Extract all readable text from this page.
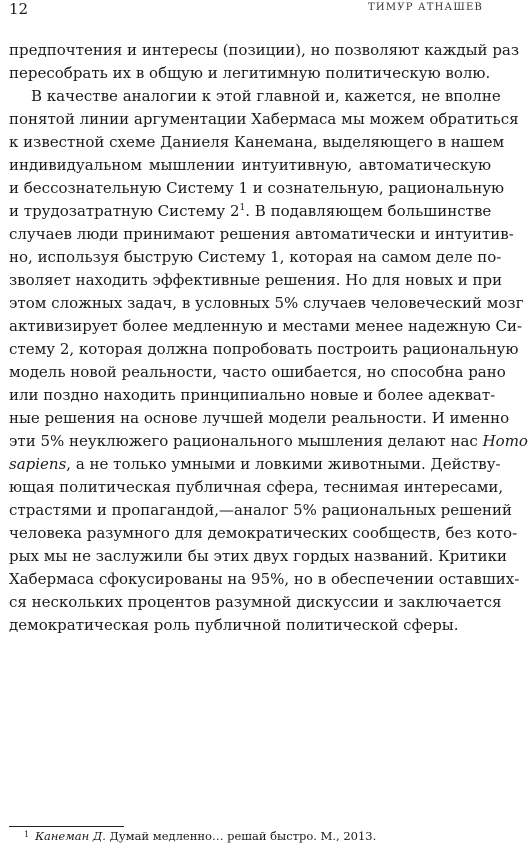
12	ТИМУР АТНАШЕВ
предпочтения и интересы (позиции), но позволяют каждый раз
пересобрать их в общую и легитимную политическую волю.
В качестве аналогии к этой главной и, кажется, не вполне
понятой линии аргументации Хабермаса мы можем обратиться
к известной схеме Даниеля Канемана, выделяющего в нашем
индивидуальном мышлении интуитивную, автоматическую
и бессознательную Систему 1 и сознательную, рациональную
и трудозатратную Систему $2^1$. В подавляющем большинстве
случаев люди принимают решения автоматически и интуитив-
но, используя быструю Систему 1, которая на самом деле по-
зволяет находить эффективные решения. Но для новых и при
этом сложных задач, в условных 5% случаев человеческий мозг
активизирует более медленную и местами менее надежную Си-
стему 2, которая должна попробовать построить рациональную
модель новой реальности, часто ошибается, но способна рано
или поздно находить принципиально новые и более адекват-
ные решения на основе лучшей модели реальности. И именно
эти 5% неуклюжего рационального мышления делают нас Homo
sapiens, а не только умными и ловкими животными. Действу-
ющая политическая публичная сфера, теснимая интересами,
страстями и пропагандой,—аналог 5% рациональных решений
человека разумного для демократических сообществ, без кото-
рых мы не заслужили бы этих двух гордых названий. Критики
Хабермаса сфокусированы на 95%, но в обеспечении оставших-
ся нескольких процентов разумной дискуссии и заключается
демократическая роль публичной политической сферы.
$^1$ Канеман Д. Думай медленно… решай быстро. М., 2013.
